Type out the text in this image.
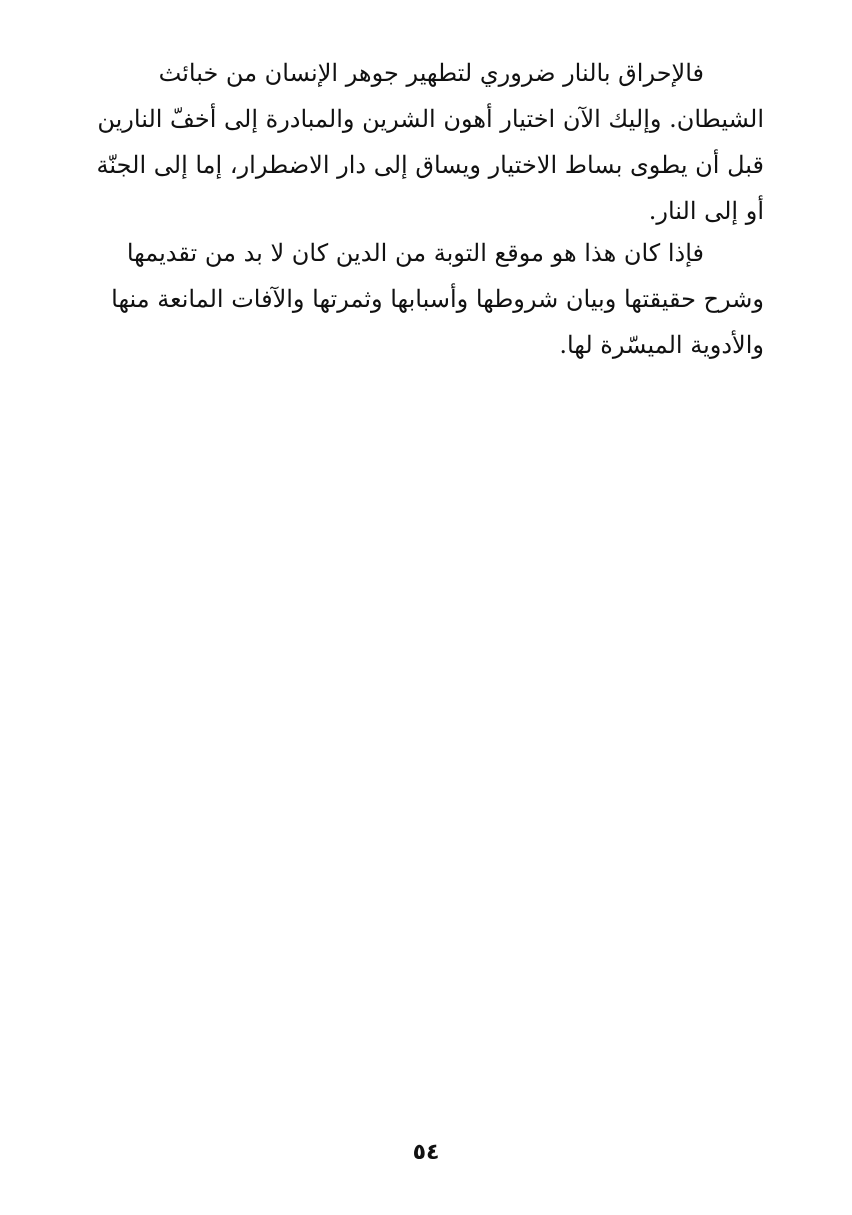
فالإحراق بالنار ضروري لتطهير جوهر الإنسان من خبائث
الشيطان. وإليك الآن اختيار أهون الشرين والمبادرة إلى أخفّ النارين
قبل أن يطوى بساط الاختيار ويساق إلى دار الاضطرار، إما إلى الجنّة
أو إلى النار.
فإذا كان هذا هو موقع التوبة من الدين كان لا بد من تقديمها
وشرح حقيقتها وبيان شروطها وأسبابها وثمرتها والآفات المانعة منها
والأدوية الميسّرة لها.
٥٤
